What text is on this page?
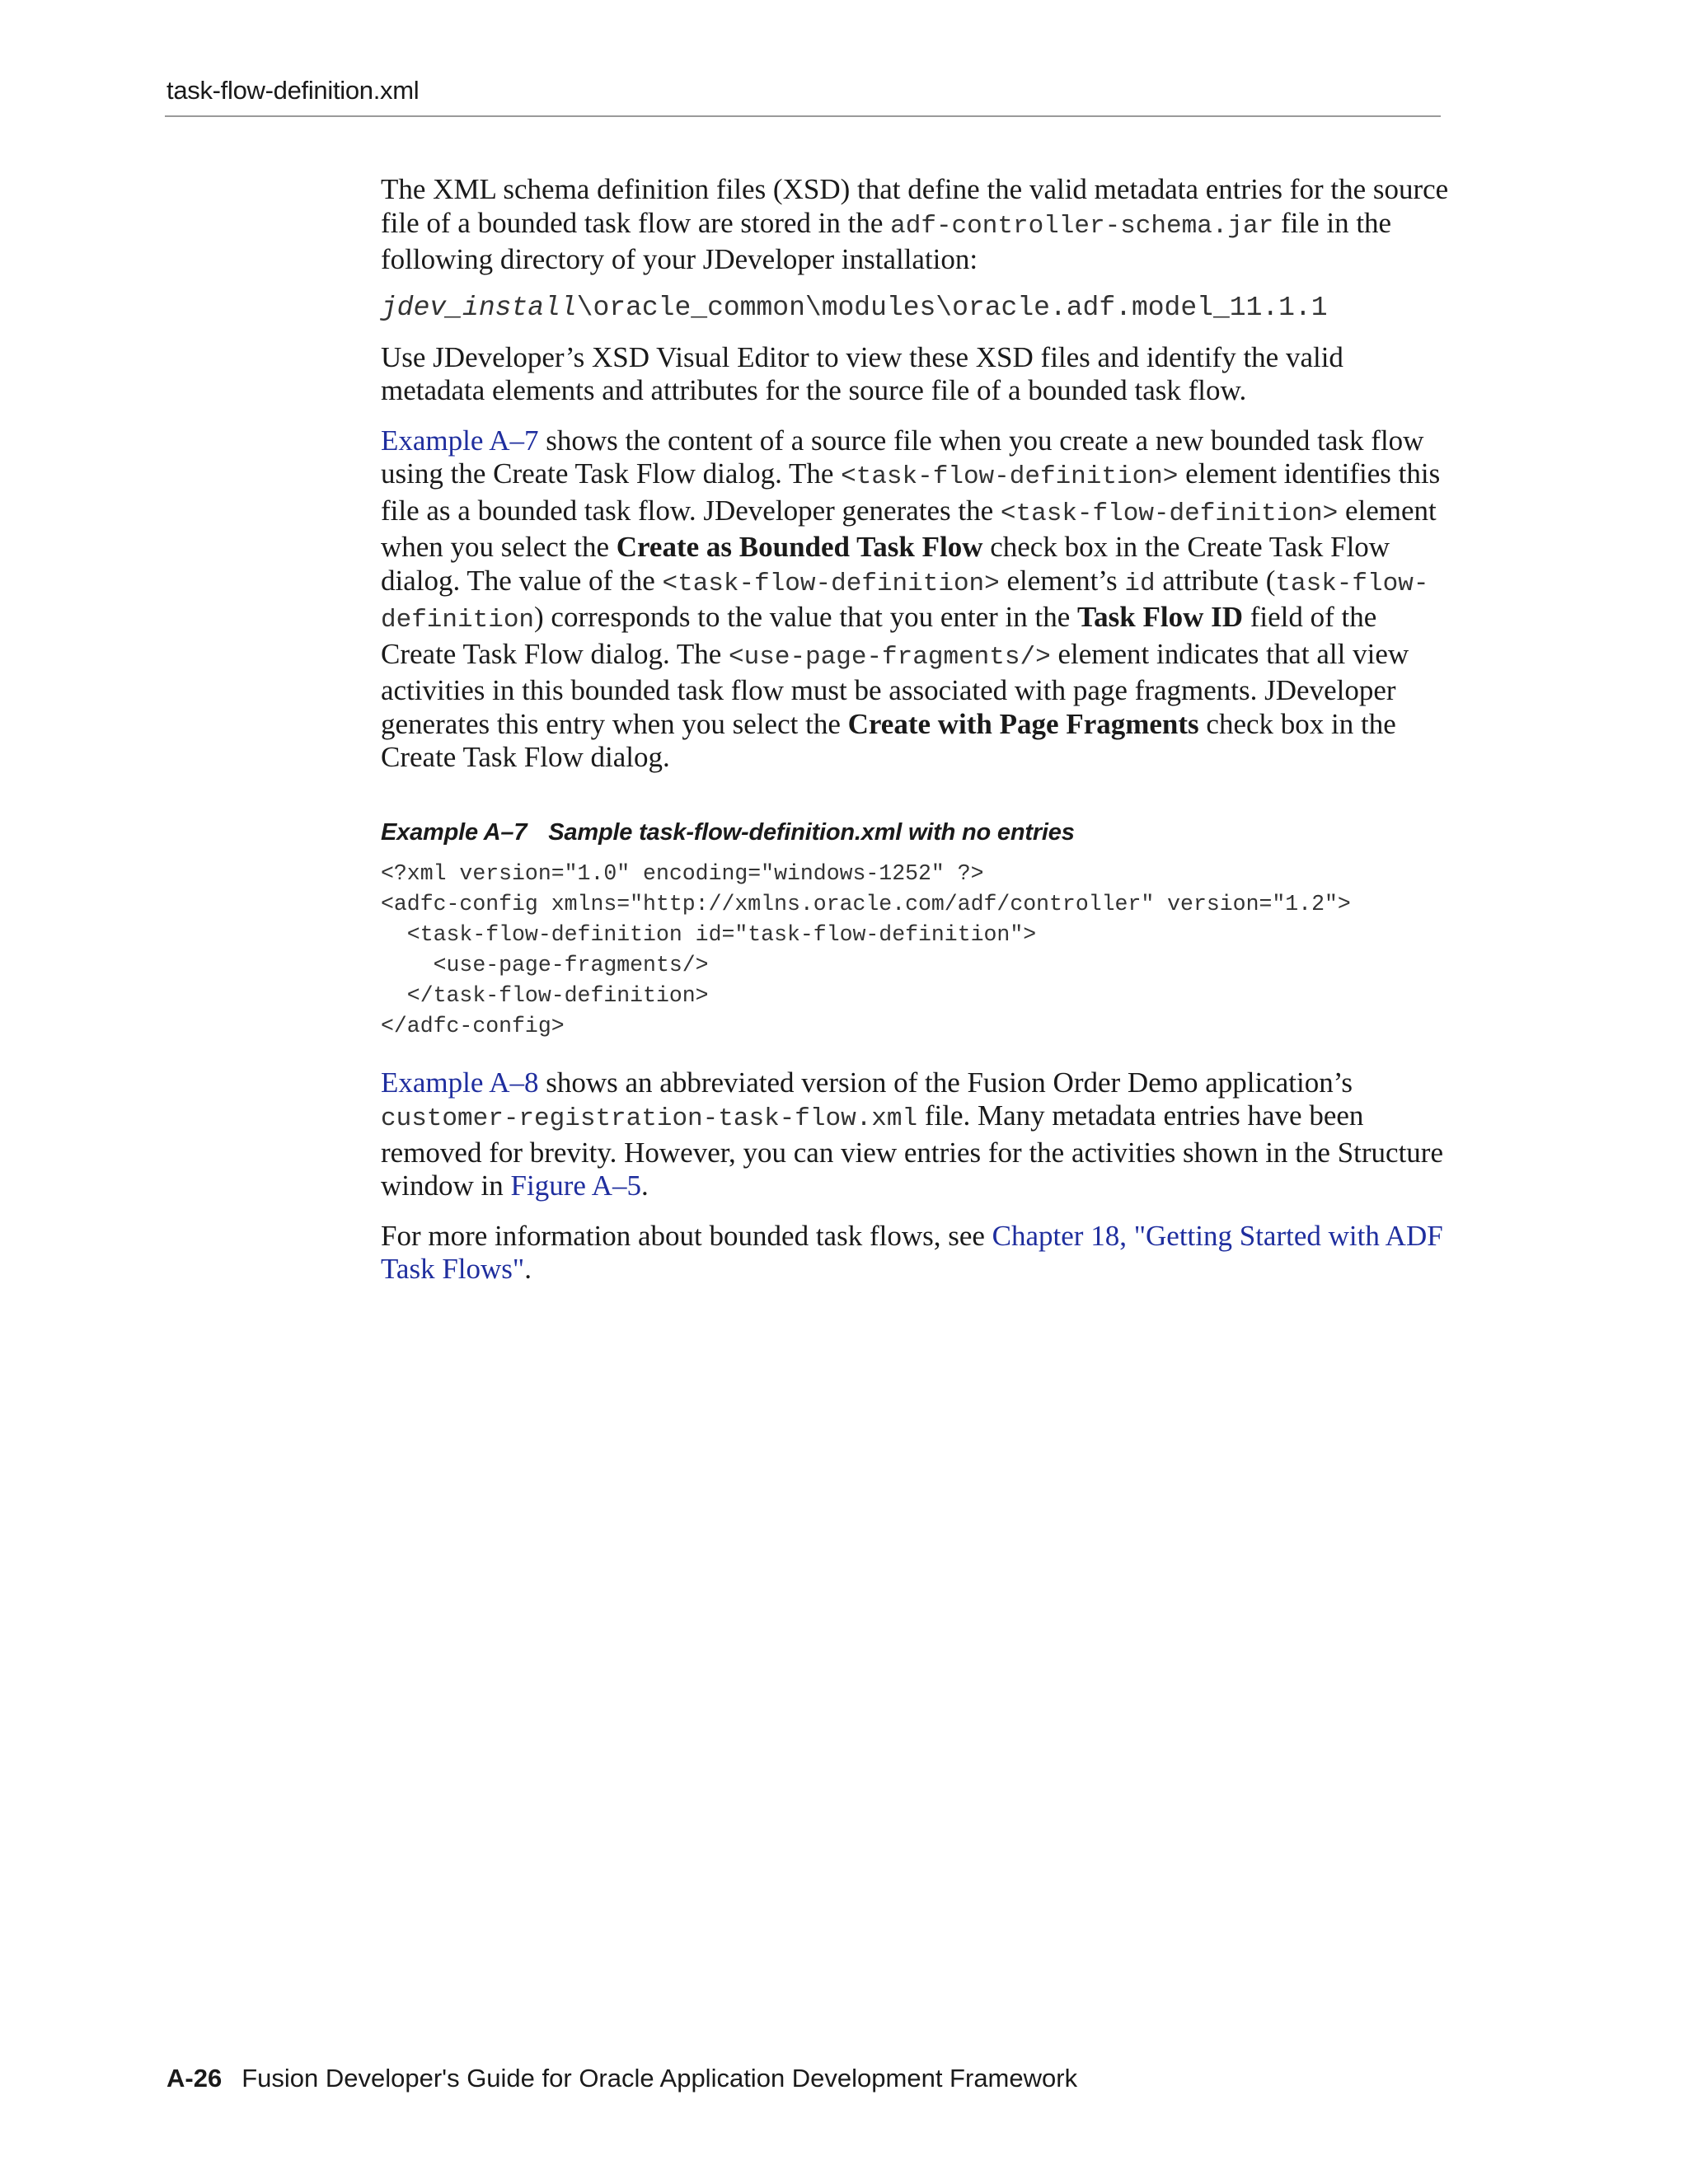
task-flow-definition.xml

The XML schema definition files (XSD) that define the valid metadata entries for the source file of a bounded task flow are stored in the adf-controller-schema.jar file in the following directory of your JDeveloper installation:

jdev_install\oracle_common\modules\oracle.adf.model_11.1.1

Use JDeveloper’s XSD Visual Editor to view these XSD files and identify the valid metadata elements and attributes for the source file of a bounded task flow.

Example A–7 shows the content of a source file when you create a new bounded task flow using the Create Task Flow dialog. The <task-flow-definition> element identifies this file as a bounded task flow. JDeveloper generates the <task-flow-definition> element when you select the Create as Bounded Task Flow check box in the Create Task Flow dialog. The value of the <task-flow-definition> element’s id attribute (task-flow-definition) corresponds to the value that you enter in the Task Flow ID field of the Create Task Flow dialog. The <use-page-fragments/> element indicates that all view activities in this bounded task flow must be associated with page fragments. JDeveloper generates this entry when you select the Create with Page Fragments check box in the Create Task Flow dialog.

Example A–7 Sample task-flow-definition.xml with no entries
<?xml version="1.0" encoding="windows-1252" ?>
<adfc-config xmlns="http://xmlns.oracle.com/adf/controller" version="1.2">
<task-flow-definition id="task-flow-definition">
<use-page-fragments/>
</task-flow-definition>
</adfc-config>

Example A–8 shows an abbreviated version of the Fusion Order Demo application’s customer-registration-task-flow.xml file. Many metadata entries have been removed for brevity. However, you can view entries for the activities shown in the Structure window in Figure A–5.

For more information about bounded task flows, see Chapter 18, "Getting Started with ADF Task Flows".

A-26 Fusion Developer's Guide for Oracle Application Development Framework
